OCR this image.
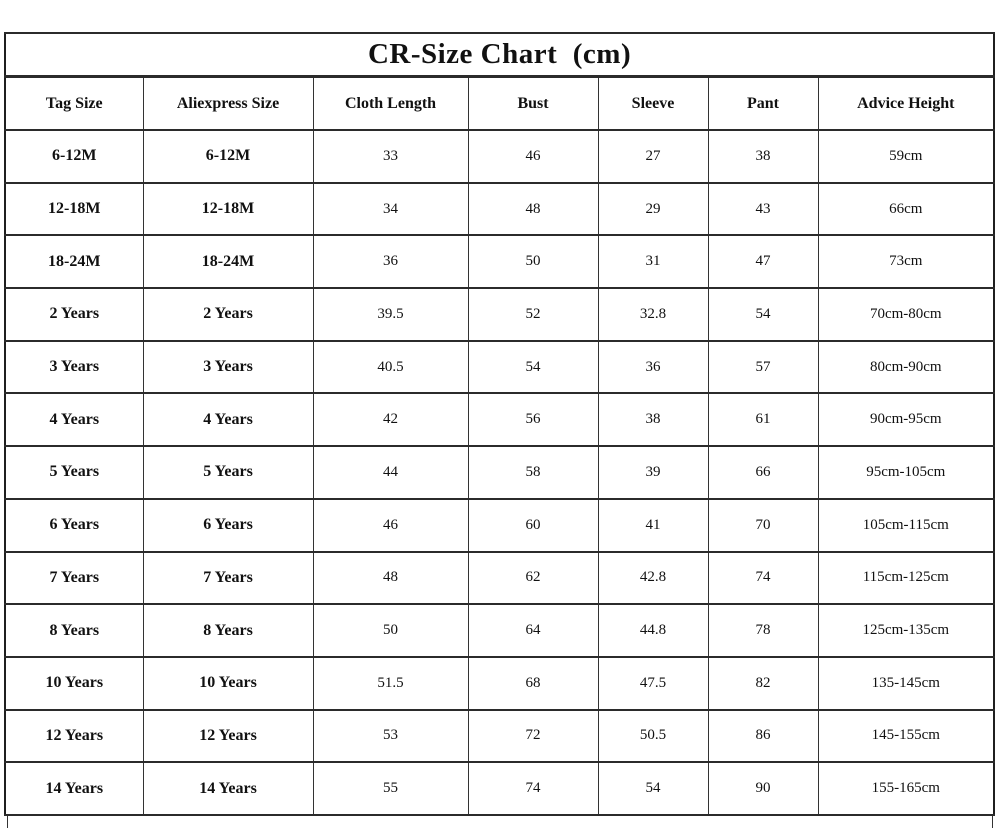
CR-Size Chart  (cm)						
Tag Size	Aliexpress Size	Cloth Length	Bust	Sleeve	Pant	Advice Height
6-12M	6-12M	33	46	27	38	59cm
12-18M	12-18M	34	48	29	43	66cm
18-24M	18-24M	36	50	31	47	73cm
2 Years	2 Years	39.5	52	32.8	54	70cm-80cm
3 Years	3 Years	40.5	54	36	57	80cm-90cm
4 Years	4 Years	42	56	38	61	90cm-95cm
5 Years	5 Years	44	58	39	66	95cm-105cm
6 Years	6 Years	46	60	41	70	105cm-115cm
7 Years	7 Years	48	62	42.8	74	115cm-125cm
8 Years	8 Years	50	64	44.8	78	125cm-135cm
10 Years	10 Years	51.5	68	47.5	82	135-145cm
12 Years	12 Years	53	72	50.5	86	145-155cm
14 Years	14 Years	55	74	54	90	155-165cm
